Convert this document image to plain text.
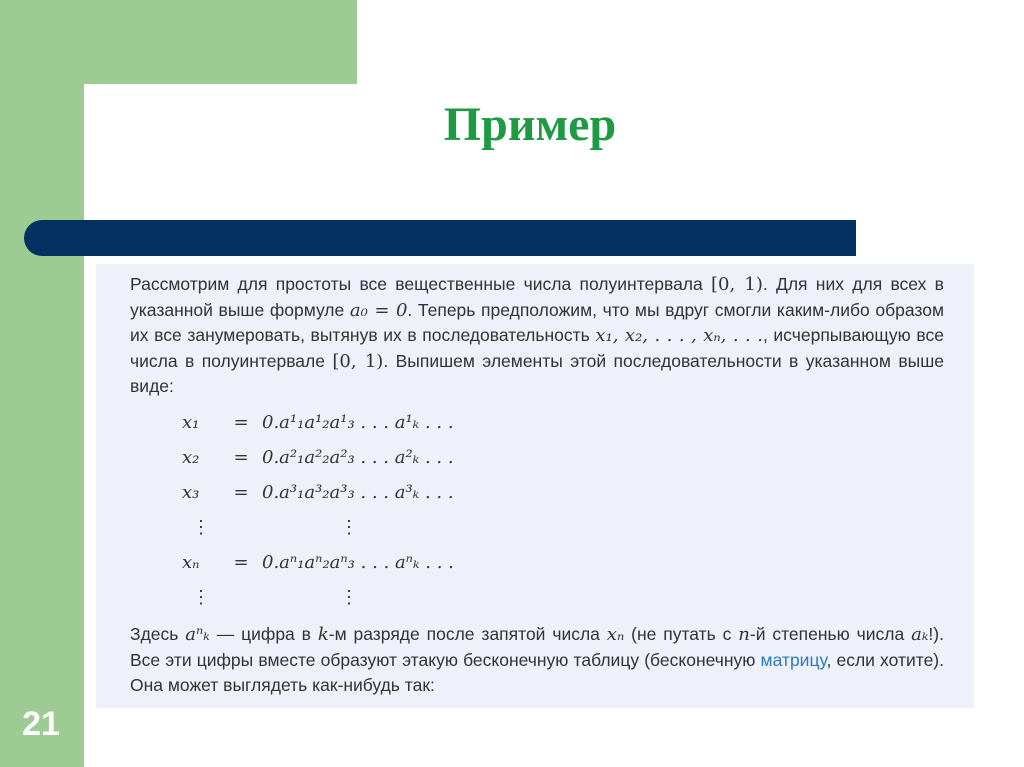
Пример
Рассмотрим для простоты все вещественные числа полуинтервала [0, 1). Для них для всех в указанной выше формуле a₀ = 0. Теперь предположим, что мы вдруг смогли каким-либо образом их все занумеровать, вытянув их в последовательность x₁, x₂, . . . , xₙ, . . ., исчерпывающую все числа в полуинтервале [0, 1). Выпишем элементы этой последовательности в указанном выше виде:
x₁	= 0.a¹₁a¹₂a¹₃ . . . a¹ₖ . . .
x₂	= 0.a²₁a²₂a²₃ . . . a²ₖ . . .
x₃	= 0.a³₁a³₂a³₃ . . . a³ₖ . . .
⋮	⋮
xₙ	= 0.aⁿ₁aⁿ₂aⁿ₃ . . . aⁿₖ . . .
⋮	⋮
Здесь aⁿₖ — цифра в k-м разряде после запятой числа xₙ (не путать с n-й степенью числа aₖ!). Все эти цифры вместе образуют этакую бесконечную таблицу (бесконечную матрицу, если хотите). Она может выглядеть как-нибудь так:
21
